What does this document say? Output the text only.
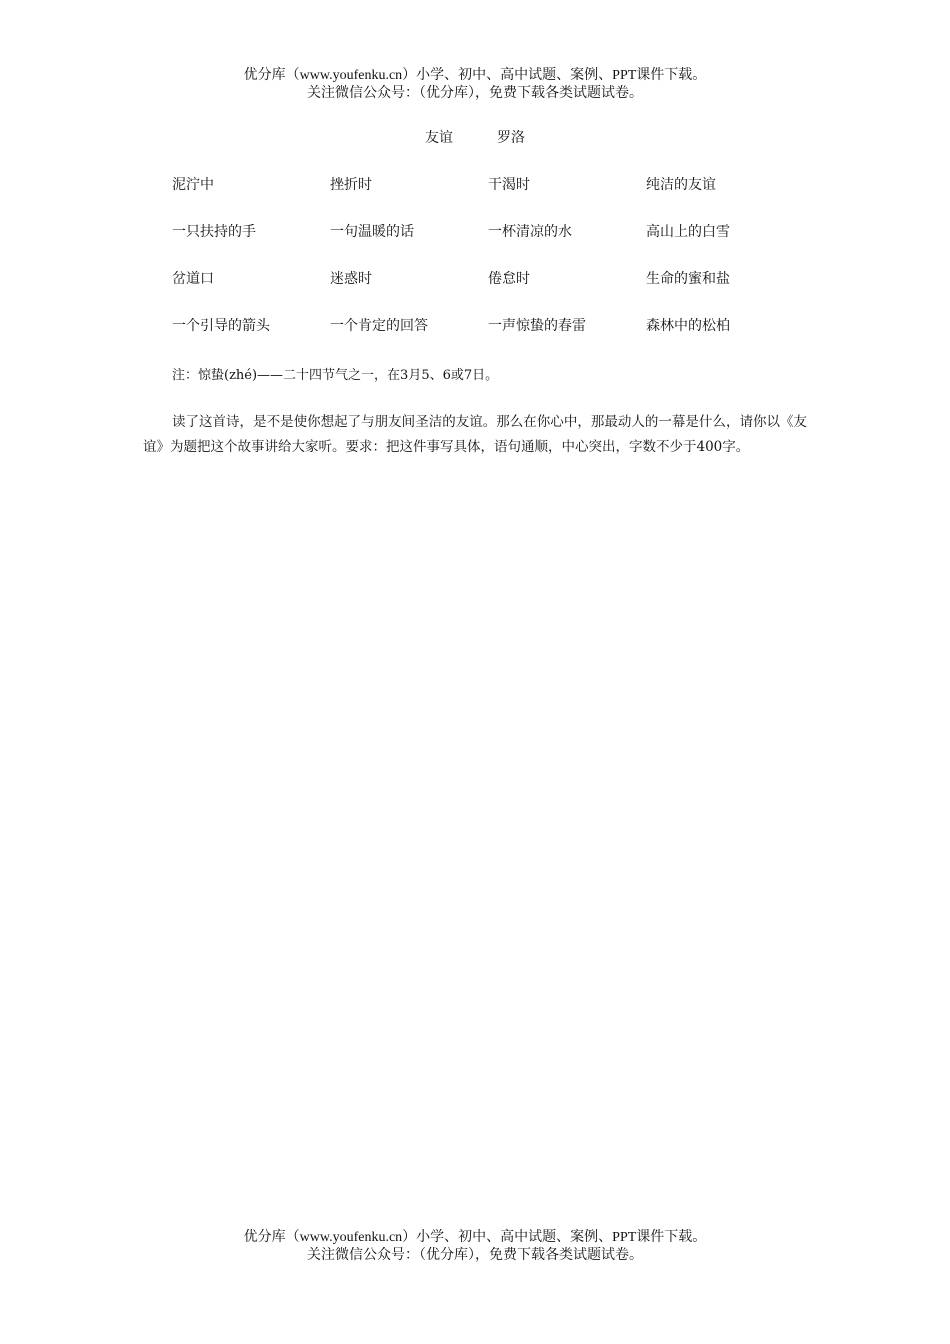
优分库（www.youfenku.cn）小学、初中、高中试题、案例、PPT课件下载。
关注微信公众号：（优分库），免费下载各类试题试卷。
友谊	罗洛
泥泞中	挫折时	干渴时	纯洁的友谊
一只扶持的手	一句温暖的话	一杯清凉的水	高山上的白雪
岔道口	迷惑时	倦怠时	生命的蜜和盐
一个引导的箭头	一个肯定的回答	一声惊蛰的春雷	森林中的松柏
注：惊蛰(zhé)——二十四节气之一，在3月5、6或7日。
读了这首诗，是不是使你想起了与朋友间圣洁的友谊。那么在你心中，那最动人的一幕是什么，请你以《友谊》为题把这个故事讲给大家听。要求：把这件事写具体，语句通顺，中心突出，字数不少于400字。
优分库（www.youfenku.cn）小学、初中、高中试题、案例、PPT课件下载。
关注微信公众号：（优分库），免费下载各类试题试卷。
